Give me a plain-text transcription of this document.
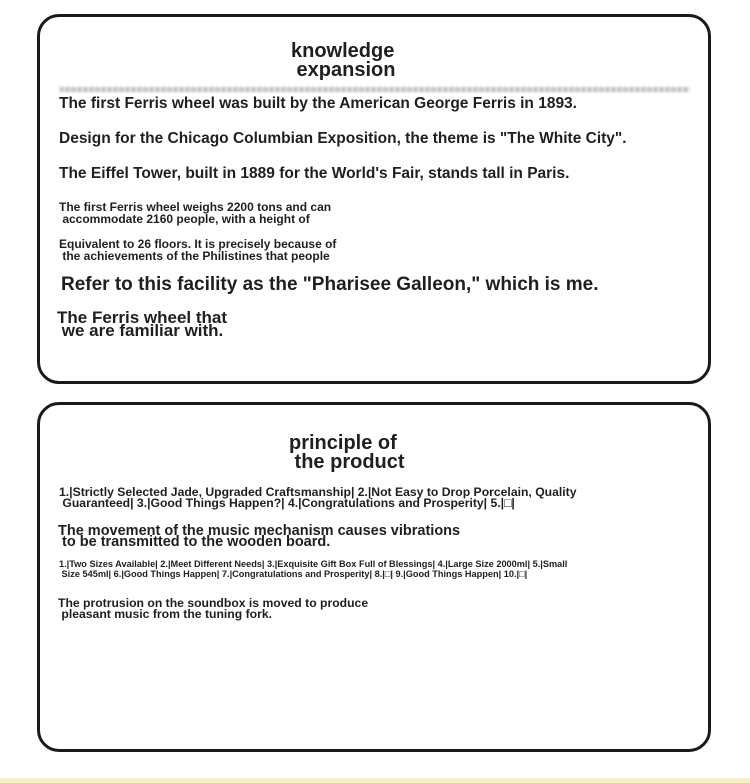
knowledge
expansion
The first Ferris wheel was built by the American George Ferris in 1893.
Design for the Chicago Columbian Exposition, the theme is "The White City".
The Eiffel Tower, built in 1889 for the World's Fair, stands tall in Paris.
The first Ferris wheel weighs 2200 tons and can
accommodate 2160 people, with a height of
Equivalent to 26 floors. It is precisely because of
the achievements of the Philistines that people
Refer to this facility as the "Pharisee Galleon," which is me.
The Ferris wheel that
we are familiar with.
principle of
the product
1.|Strictly Selected Jade, Upgraded Craftsmanship| 2.|Not Easy to Drop Porcelain, Quality
Guaranteed| 3.|Good Things Happen?| 4.|Congratulations and Prosperity| 5.|□|
The movement of the music mechanism causes vibrations
to be transmitted to the wooden board.
1.|Two Sizes Available| 2.|Meet Different Needs| 3.|Exquisite Gift Box Full of Blessings| 4.|Large Size 2000ml| 5.|Small
Size 545ml| 6.|Good Things Happen| 7.|Congratulations and Prosperity| 8.|□| 9.|Good Things Happen| 10.|□|
The protrusion on the soundbox is moved to produce
pleasant music from the tuning fork.
